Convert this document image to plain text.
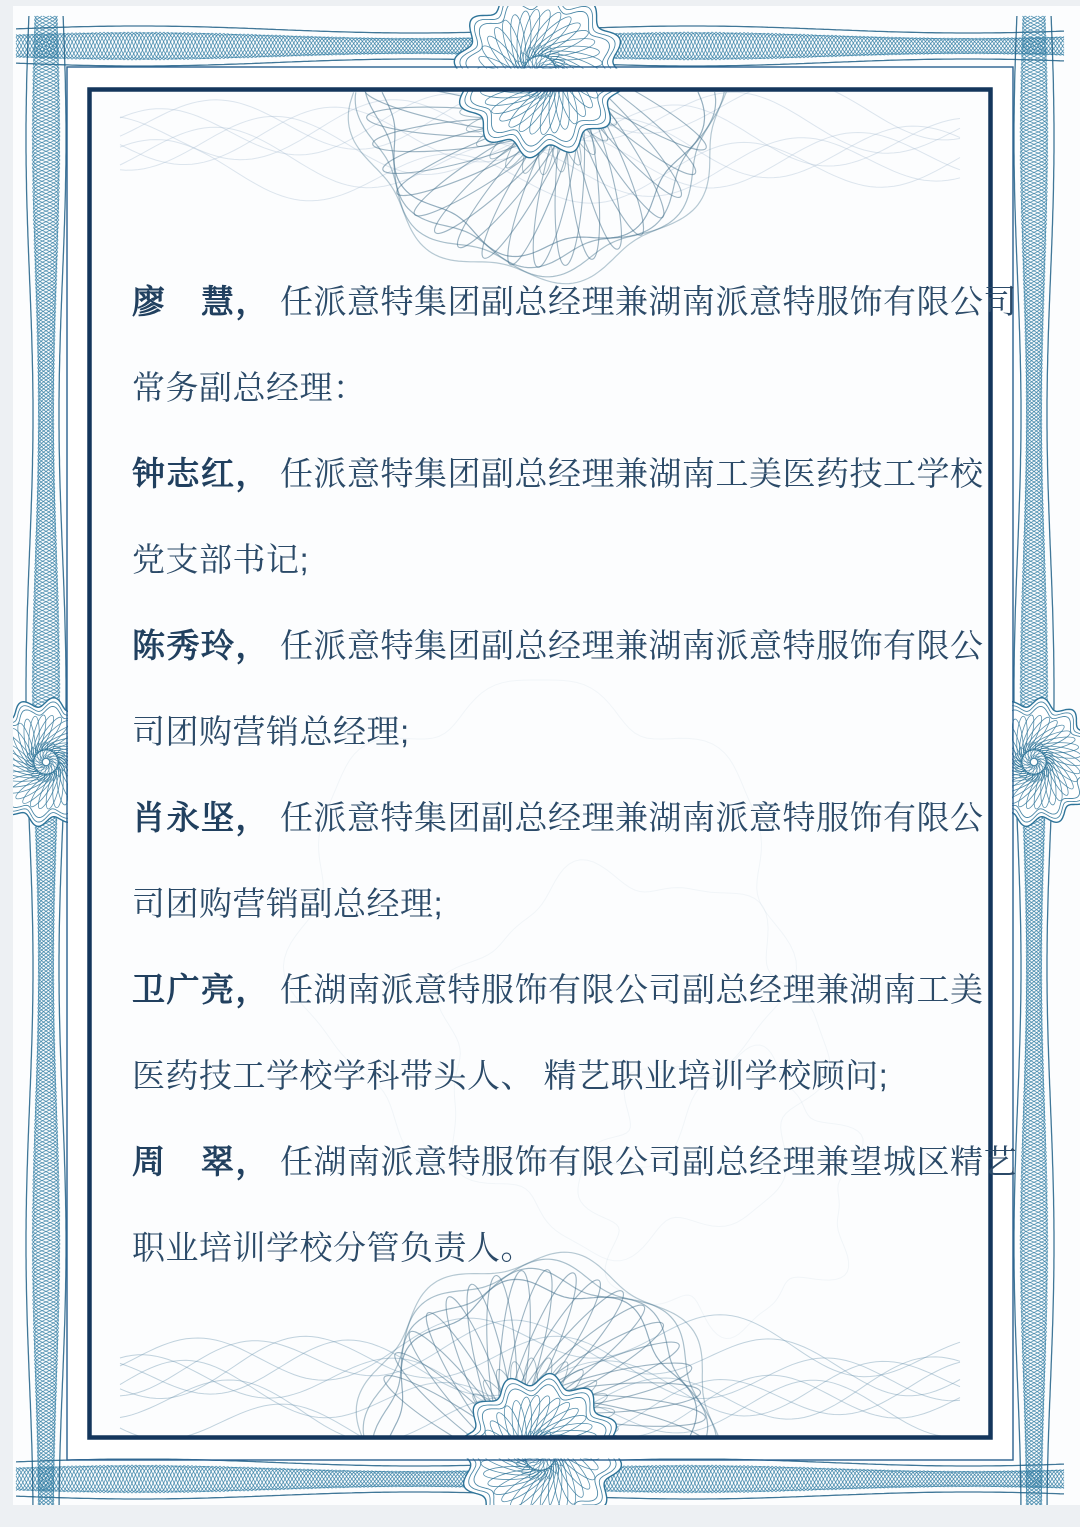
廖　慧， 任派意特集团副总经理兼湖南派意特服饰有限公司
常务副总经理：
钟志红， 任派意特集团副总经理兼湖南工美医药技工学校
党支部书记;
陈秀玲， 任派意特集团副总经理兼湖南派意特服饰有限公
司团购营销总经理;
肖永坚， 任派意特集团副总经理兼湖南派意特服饰有限公
司团购营销副总经理;
卫广亮， 任湖南派意特服饰有限公司副总经理兼湖南工美
医药技工学校学科带头人、 精艺职业培训学校顾问;
周　翠， 任湖南派意特服饰有限公司副总经理兼望城区精艺
职业培训学校分管负责人。
